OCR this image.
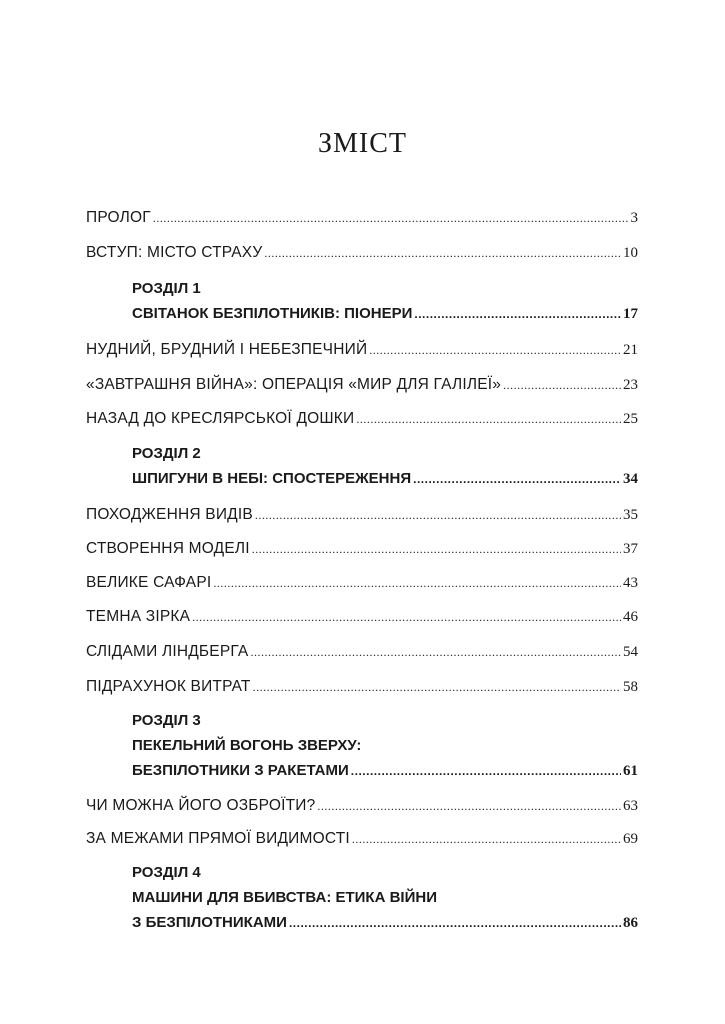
ЗМІСТ
ПРОЛОГ .....	3
ВСТУП: МІСТО СТРАХУ .....	10
РОЗДІЛ 1
СВІТАНОК БЕЗПІЛОТНИКІВ: ПІОНЕРИ .....	17
НУДНИЙ, БРУДНИЙ І НЕБЕЗПЕЧНИЙ .....	21
«ЗАВТРАШНЯ ВІЙНА»: ОПЕРАЦІЯ «МИР ДЛЯ ГАЛІЛЕЇ» .....	23
НАЗАД ДО КРЕСЛЯРСЬКОЇ ДОШКИ .....	25
РОЗДІЛ 2
ШПИГУНИ В НЕБІ: СПОСТЕРЕЖЕННЯ .....	34
ПОХОДЖЕННЯ ВИДІВ .....	35
СТВОРЕННЯ МОДЕЛІ .....	37
ВЕЛИКЕ САФАРІ .....	43
ТЕМНА ЗІРКА .....	46
СЛІДАМИ ЛІНДБЕРГА .....	54
ПІДРАХУНОК ВИТРАТ .....	58
РОЗДІЛ 3
ПЕКЕЛЬНИЙ ВОГОНЬ ЗВЕРХУ:
БЕЗПІЛОТНИКИ З РАКЕТАМИ .....	61
ЧИ МОЖНА ЙОГО ОЗБРОЇТИ? .....	63
ЗА МЕЖАМИ ПРЯМОЇ ВИДИМОСТІ .....	69
РОЗДІЛ 4
МАШИНИ ДЛЯ ВБИВСТВА: ЕТИКА ВІЙНИ
З БЕЗПІЛОТНИКАМИ .....	86
